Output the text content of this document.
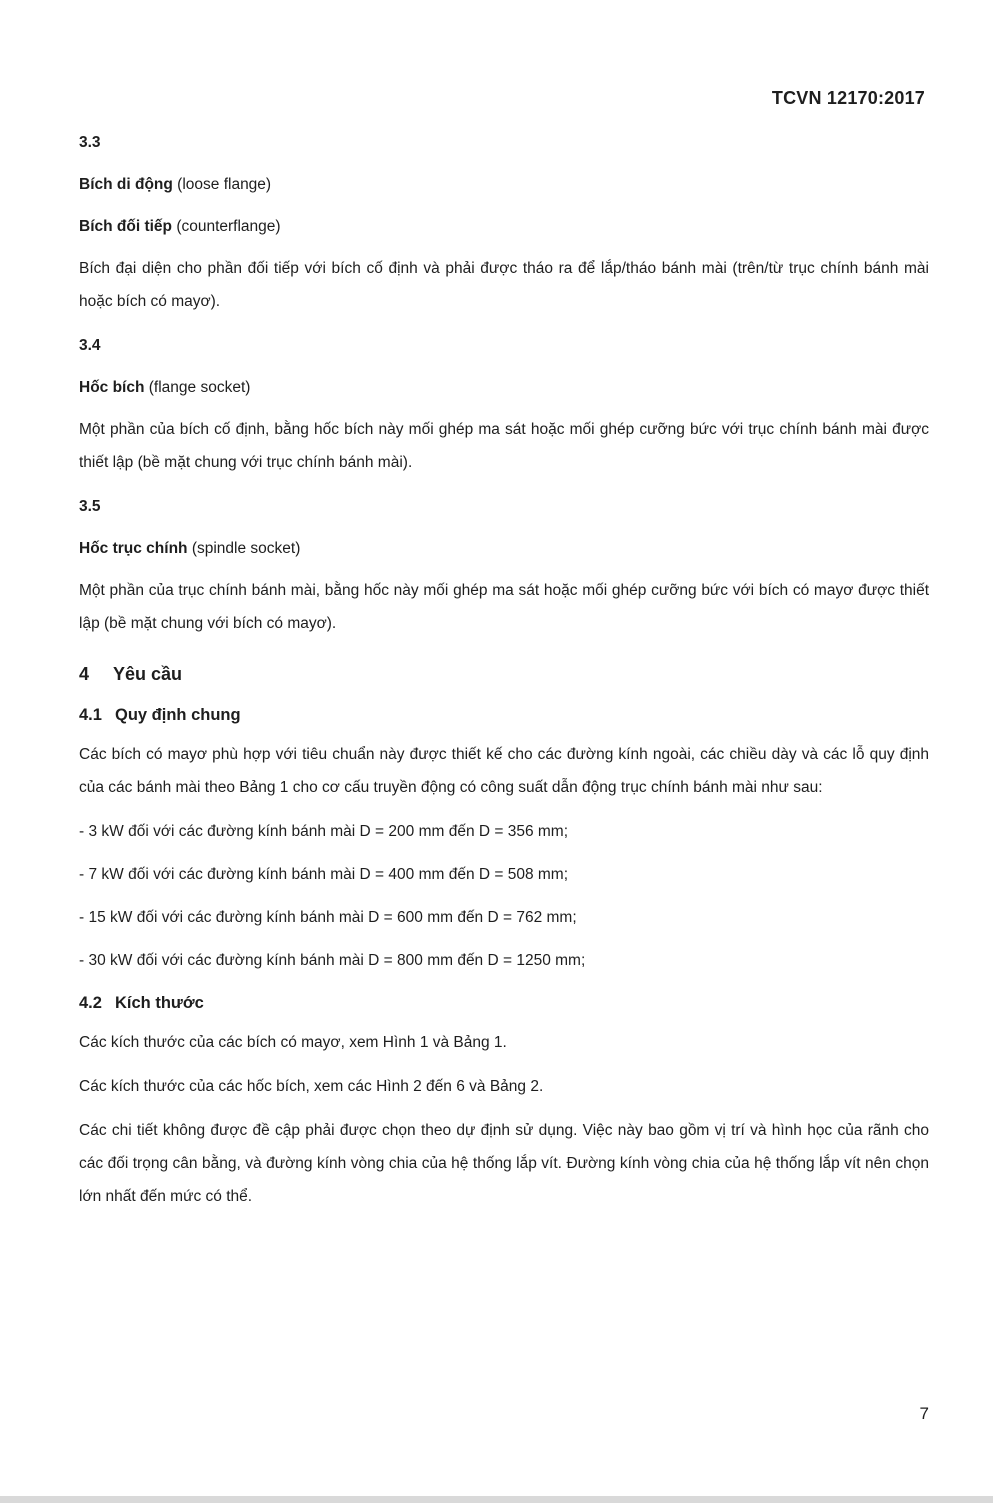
TCVN 12170:2017
3.3
Bích di động (loose flange)
Bích đối tiếp (counterflange)
Bích đại diện cho phần đối tiếp với bích cố định và phải được tháo ra để lắp/tháo bánh mài (trên/từ trục chính bánh mài hoặc bích có mayơ).
3.4
Hốc bích (flange socket)
Một phần của bích cố định, bằng hốc bích này mối ghép ma sát hoặc mối ghép cưỡng bức với trục chính bánh mài được thiết lập (bề mặt chung với trục chính bánh mài).
3.5
Hốc trục chính (spindle socket)
Một phần của trục chính bánh mài, bằng hốc này mối ghép ma sát hoặc mối ghép cưỡng bức với bích có mayơ được thiết lập (bề mặt chung với bích có mayơ).
4 Yêu cầu
4.1 Quy định chung
Các bích có mayơ phù hợp với tiêu chuẩn này được thiết kế cho các đường kính ngoài, các chiều dày và các lỗ quy định của các bánh mài theo Bảng 1 cho cơ cấu truyền động có công suất dẫn động trục chính bánh mài như sau:
- 3 kW đối với các đường kính bánh mài D = 200 mm đến D = 356 mm;
- 7 kW đối với các đường kính bánh mài D = 400 mm đến D = 508 mm;
- 15 kW đối với các đường kính bánh mài D = 600 mm đến D = 762 mm;
- 30 kW đối với các đường kính bánh mài D = 800 mm đến D = 1250 mm;
4.2 Kích thước
Các kích thước của các bích có mayơ, xem Hình 1 và Bảng 1.
Các kích thước của các hốc bích, xem các Hình 2 đến 6 và Bảng 2.
Các chi tiết không được đề cập phải được chọn theo dự định sử dụng. Việc này bao gồm vị trí và hình học của rãnh cho các đối trọng cân bằng, và đường kính vòng chia của hệ thống lắp vít. Đường kính vòng chia của hệ thống lắp vít nên chọn lớn nhất đến mức có thể.
7
